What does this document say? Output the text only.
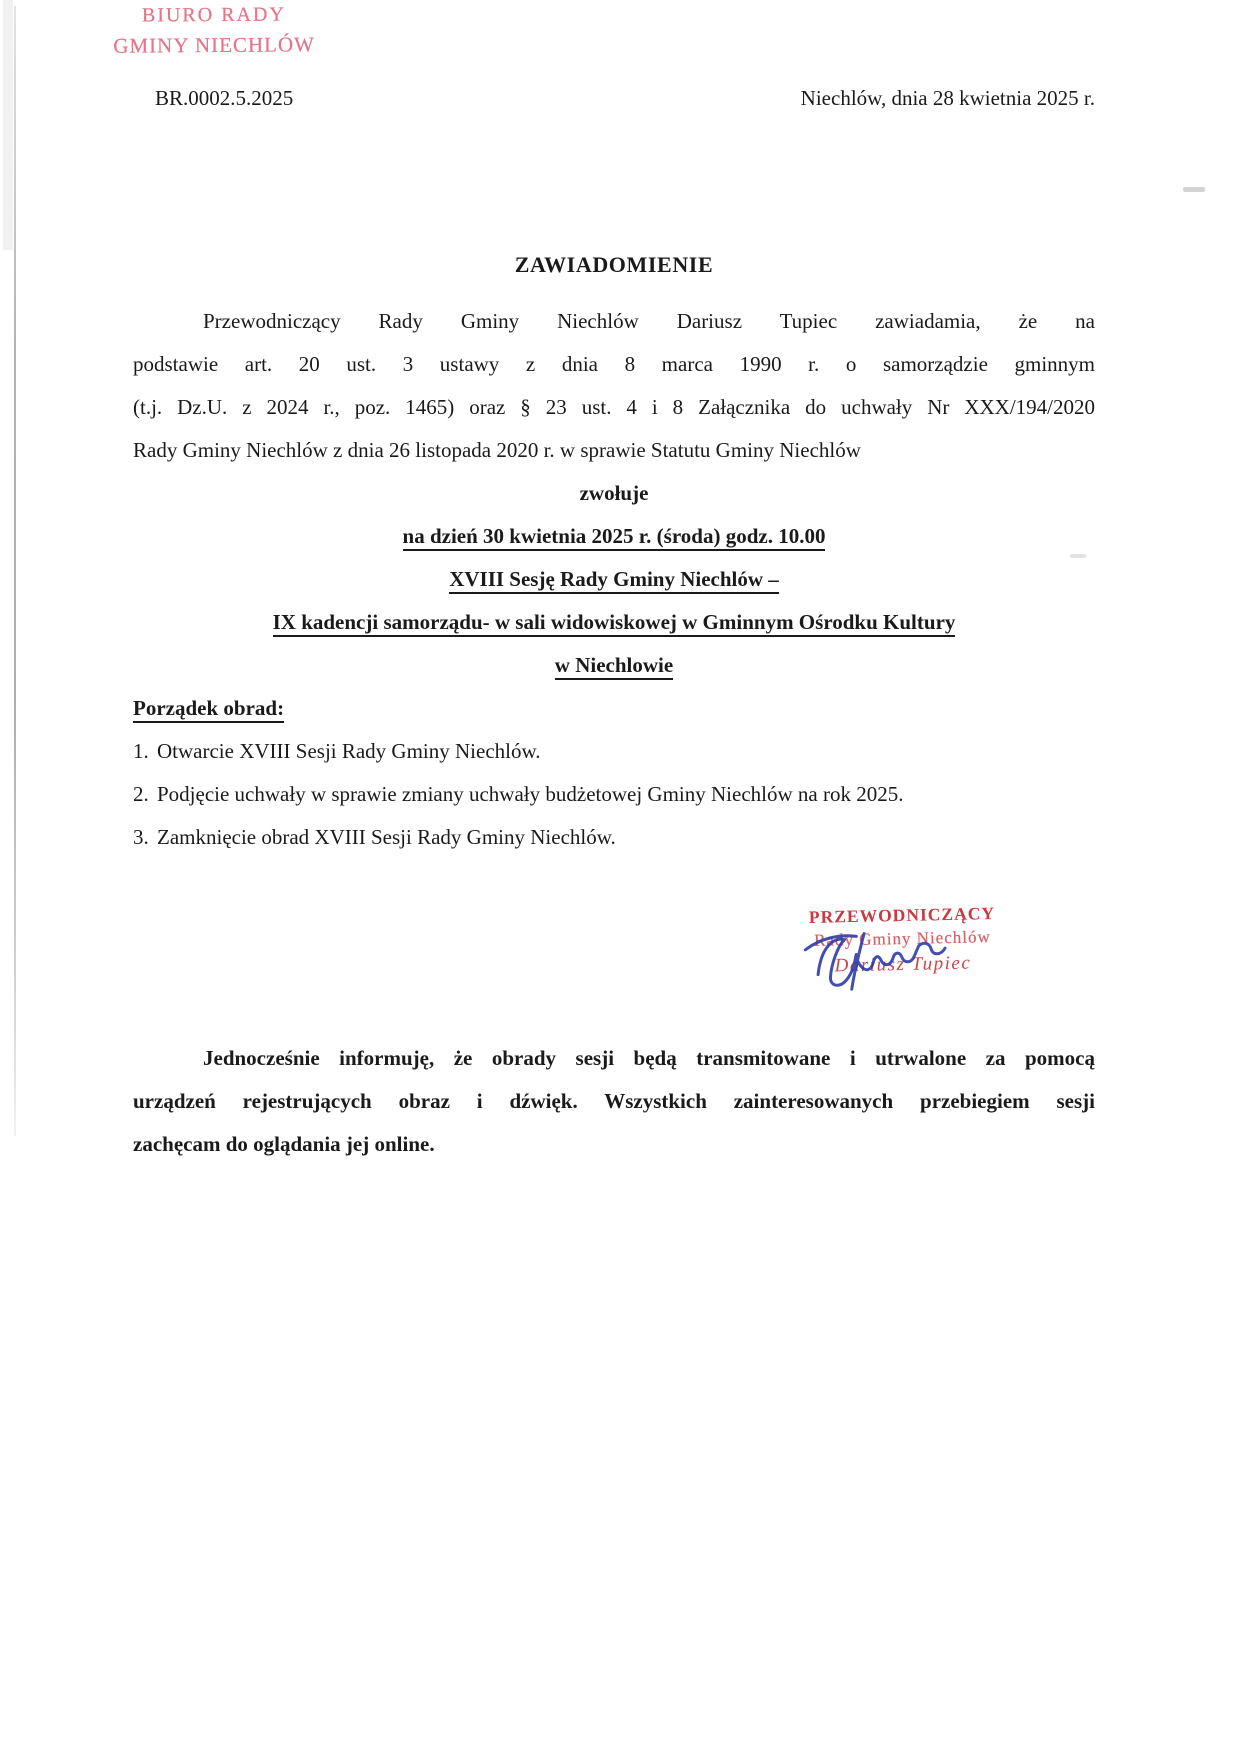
BIURO RADY
GMINY NIECHLÓW
BR.0002.5.2025	Niechlów, dnia 28 kwietnia 2025 r.
ZAWIADOMIENIE
Przewodniczący Rady Gminy Niechlów Dariusz Tupiec zawiadamia, że na
podstawie art. 20 ust. 3 ustawy z dnia 8 marca 1990 r. o samorządzie gminnym
(t.j. Dz.U. z 2024 r., poz. 1465) oraz § 23 ust. 4 i 8 Załącznika do uchwały Nr XXX/194/2020
Rady Gminy Niechlów z dnia 26 listopada 2020 r. w sprawie Statutu Gminy Niechlów
zwołuje
na dzień 30 kwietnia 2025 r. (środa) godz. 10.00
XVIII Sesję Rady Gminy Niechlów –
IX kadencji samorządu- w sali widowiskowej w Gminnym Ośrodku Kultury
w Niechlowie
Porządek obrad:
1. Otwarcie XVIII Sesji Rady Gminy Niechlów.
2. Podjęcie uchwały w sprawie zmiany uchwały budżetowej Gminy Niechlów na rok 2025.
3. Zamknięcie obrad XVIII Sesji Rady Gminy Niechlów.
Jednocześnie informuję, że obrady sesji będą transmitowane i utrwalone za pomocą
urządzeń rejestrujących obraz i dźwięk. Wszystkich zainteresowanych przebiegiem sesji
zachęcam do oglądania jej online.
PRZEWODNICZĄCY
Rady Gminy Niechlów
Dariusz Tupiec
